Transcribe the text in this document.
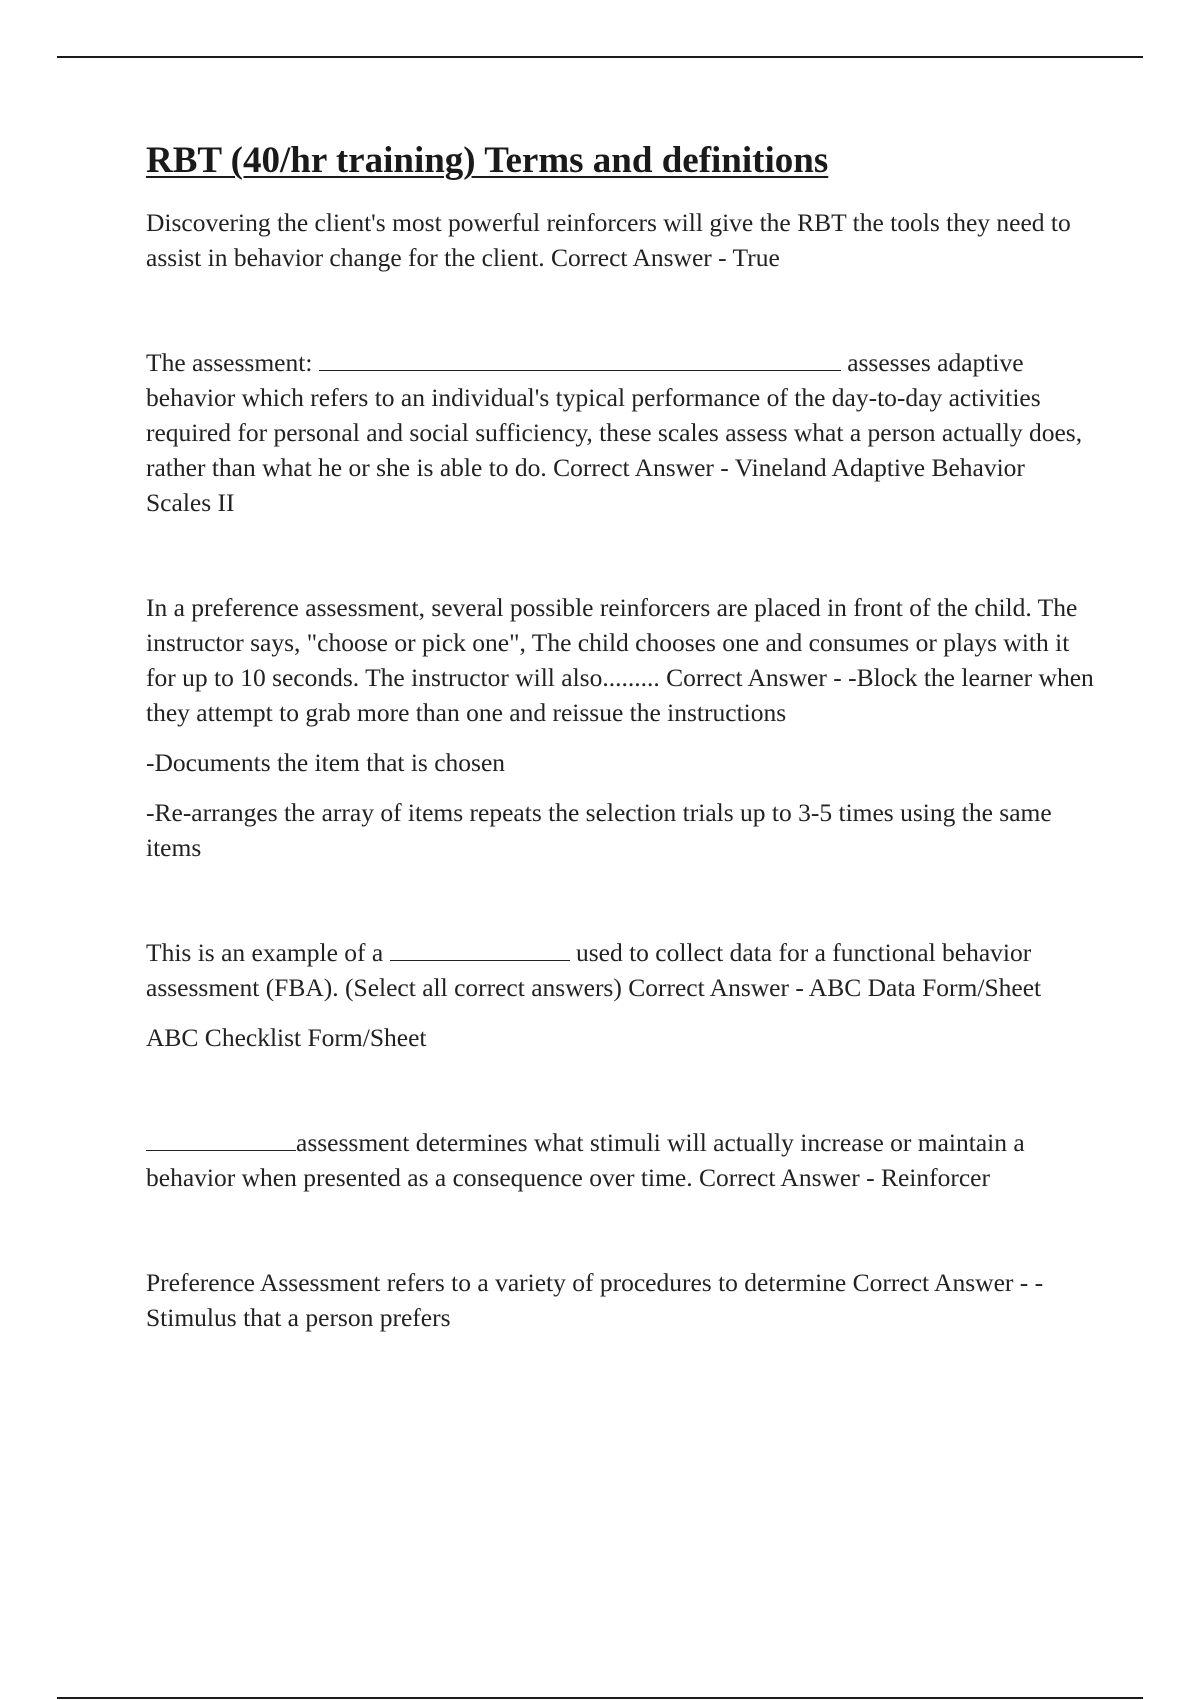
RBT (40/hr training) Terms and definitions

Discovering the client's most powerful reinforcers will give the RBT the tools they need to assist in behavior change for the client. Correct Answer - True

The assessment:	assesses adaptive behavior which refers to an individual's typical performance of the day-to-day activities required for personal and social sufficiency, these scales assess what a person actually does, rather than what he or she is able to do. Correct Answer - Vineland Adaptive Behavior Scales II

In a preference assessment, several possible reinforcers are placed in front of the child. The instructor says, "choose or pick one", The child chooses one and consumes or plays with it for up to 10 seconds. The instructor will also......... Correct Answer - -Block the learner when they attempt to grab more than one and reissue the instructions

-Documents the item that is chosen

-Re-arranges the array of items repeats the selection trials up to 3-5 times using the same items

This is an example of a	used to collect data for a functional behavior assessment (FBA). (Select all correct answers) Correct Answer - ABC Data Form/Sheet

ABC Checklist Form/Sheet

assessment determines what stimuli will actually increase or maintain a behavior when presented as a consequence over time. Correct Answer - Reinforcer

Preference Assessment refers to a variety of procedures to determine Correct Answer - -Stimulus that a person prefers
